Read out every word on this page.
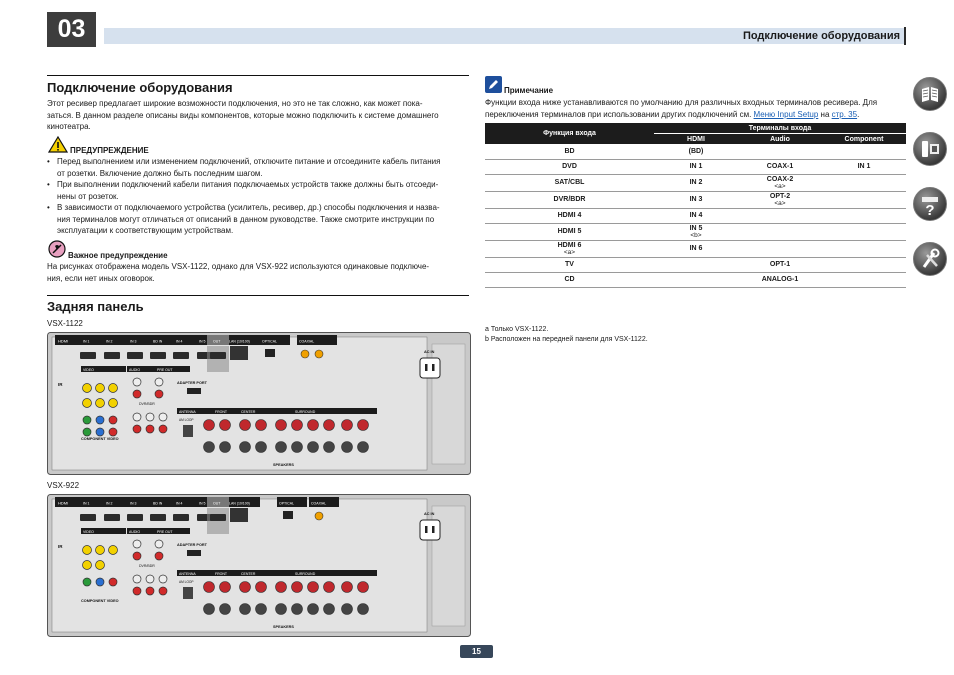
03	Подключение оборудования
?
Подключение оборудования
Этот ресивер предлагает широкие возможности подключения, но это не так сложно, как может пока-
заться. В данном разделе описаны виды компонентов, которые можно подключить к системе домашнего
кинотеатра.
ПРЕДУПРЕЖДЕНИЕ
• Перед выполнением или изменением подключений, отключите питание и отсоедините кабель питания
от розетки. Включение должно быть последним шагом.
• При выполнении подключений кабели питания подключаемых устройств также должны быть отсоеди-
нены от розеток.
• В зависимости от подключаемого устройства (усилитель, ресивер, др.) способы подключения и назва-
ния терминалов могут отличаться от описаний в данном руководстве. Также смотрите инструкции по
эксплуатации к соответствующим устройствам.
Важное предупреждение
На рисунках отображена модель VSX-1122, однако для VSX-922 используются одинаковые подключе-
ния, если нет иных оговорок.
Задняя панель
VSX-1122
HDMI	IN 1	IN 2	IN 3	BD IN	IN 4	IN 5 OUT LAN (10/100)	OPTICAL	COAXIAL
VIDEO
IR
COMPONENT VIDEO
AUDIO	PRE OUT
DVR/BDR
ADAPTER PORT
ANTENNA
AM LOOP
FRONT	CENTER	SURROUND
SPEAKERS
AC IN
VSX-922
HDMI	IN 1	IN 2	IN 3	BD IN	IN 4	IN 5 OUT LAN (10/100)	OPTICAL	COAXIAL
VIDEO
IR
COMPONENT VIDEO
AUDIO	PRE OUT
DVR/BDR
ADAPTER PORT
ANTENNA
AM LOOP
FRONT	CENTER	SURROUND
SPEAKERS
AC IN
Примечание
Функции входа ниже устанавливаются по умолчанию для различных входных терминалов ресивера. Для
переключения терминалов при использовании других подключений см. Меню Input Setup на стр. 35.
Функция входа	Терминалы входа		
	HDMI	Audio	Component
BD	(BD)		
DVD	IN 1	COAX-1	IN 1
SAT/CBL	IN 2	COAX-2
<a>	

DVR/BDR	IN 3	OPT-2
<a>	

HDMI 4	IN 4		
HDMI 5	IN 5
<b>		

HDMI 6
<a>	IN 6		
TV		OPT-1	
CD		ANALOG-1	
a Только VSX-1122.
b Расположен на передней панели для VSX-1122.
15
